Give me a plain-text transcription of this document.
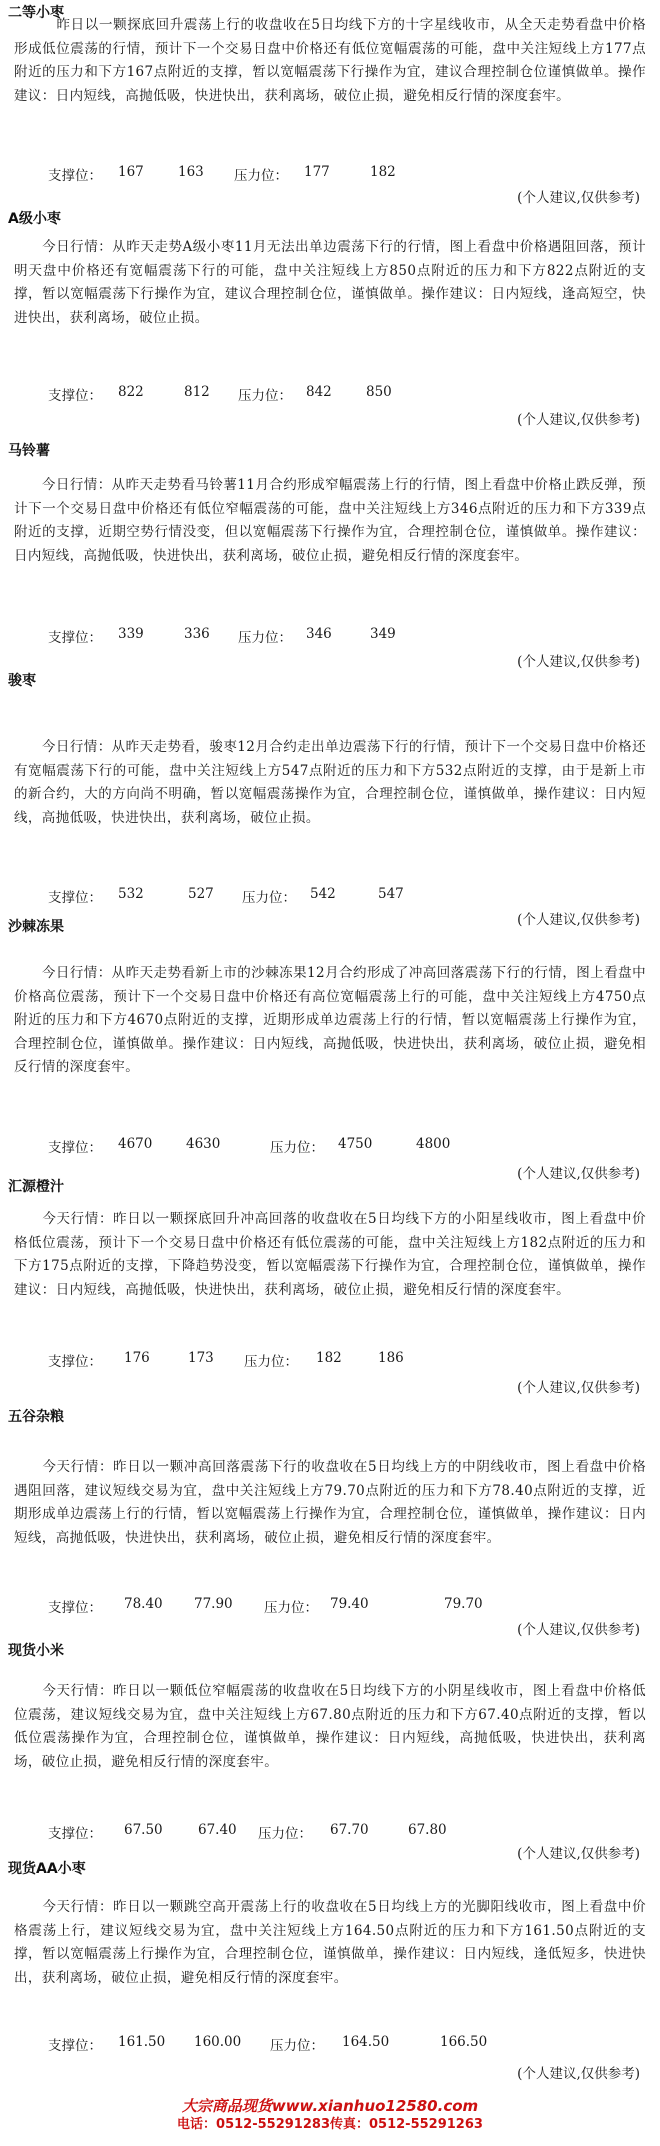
二等小枣
　　　昨日以一颗探底回升震荡上行的收盘收在5日均线下方的十字星线收市，从全天走势看盘中价格形成低位震荡的行情，预计下一个交易日盘中价格还有低位宽幅震荡的可能，盘中关注短线上方177点附近的压力和下方167点附近的支撑，暂以宽幅震荡下行操作为宜，建议合理控制仓位谨慎做单。操作建议：日内短线，高抛低吸，快进快出，获利离场，破位止损，避免相反行情的深度套牢。
支撑位： 167	163 压力位： 177	182
(个人建议,仅供参考)
A级小枣
　　今日行情：从昨天走势A级小枣11月无法出单边震荡下行的行情，图上看盘中价格遇阻回落，预计明天盘中价格还有宽幅震荡下行的可能，盘中关注短线上方850点附近的压力和下方822点附近的支撑，暂以宽幅震荡下行操作为宜，建议合理控制仓位，谨慎做单。操作建议：日内短线，逢高短空，快进快出，获利离场，破位止损。
支撑位： 822	812 压力位： 842	850
(个人建议,仅供参考)
马铃薯
　　今日行情：从昨天走势看马铃薯11月合约形成窄幅震荡上行的行情，图上看盘中价格止跌反弹，预计下一个交易日盘中价格还有低位窄幅震荡的可能，盘中关注短线上方346点附近的压力和下方339点附近的支撑，近期空势行情没变，但以宽幅震荡下行操作为宜，合理控制仓位，谨慎做单。操作建议：日内短线，高抛低吸，快进快出，获利离场，破位止损，避免相反行情的深度套牢。
支撑位： 339	336 压力位： 346	349
(个人建议,仅供参考)
骏枣
　　今日行情：从昨天走势看，骏枣12月合约走出单边震荡下行的行情，预计下一个交易日盘中价格还有宽幅震荡下行的可能，盘中关注短线上方547点附近的压力和下方532点附近的支撑，由于是新上市的新合约，大的方向尚不明确，暂以宽幅震荡操作为宜，合理控制仓位，谨慎做单，操作建议：日内短线，高抛低吸，快进快出，获利离场，破位止损。
支撑位： 532	527 压力位： 542	547
(个人建议,仅供参考)
沙棘冻果
　　今日行情：从昨天走势看新上市的沙棘冻果12月合约形成了冲高回落震荡下行的行情，图上看盘中价格高位震荡，预计下一个交易日盘中价格还有高位宽幅震荡上行的可能，盘中关注短线上方4750点附近的压力和下方4670点附近的支撑，近期形成单边震荡上行的行情，暂以宽幅震荡上行操作为宜，合理控制仓位，谨慎做单。操作建议：日内短线，高抛低吸，快进快出，获利离场，破位止损，避免相反行情的深度套牢。
支撑位： 4670 4630	压力位： 4750	4800
(个人建议,仅供参考)
汇源橙汁
　　今天行情：昨日以一颗探底回升冲高回落的收盘收在5日均线下方的小阳星线收市，图上看盘中价格低位震荡，预计下一个交易日盘中价格还有低位震荡的可能，盘中关注短线上方182点附近的压力和下方175点附近的支撑，下降趋势没变，暂以宽幅震荡下行操作为宜，合理控制仓位，谨慎做单，操作建议：日内短线，高抛低吸，快进快出，获利离场，破位止损，避免相反行情的深度套牢。
支撑位： 176	173 压力位： 182	186
(个人建议,仅供参考)
五谷杂粮
　　今天行情：昨日以一颗冲高回落震荡下行的收盘收在5日均线上方的中阴线收市，图上看盘中价格遇阻回落，建议短线交易为宜，盘中关注短线上方79.70点附近的压力和下方78.40点附近的支撑，近期形成单边震荡上行的行情，暂以宽幅震荡上行操作为宜，合理控制仓位，谨慎做单，操作建议：日内短线，高抛低吸，快进快出，获利离场，破位止损，避免相反行情的深度套牢。
支撑位： 78.40 77.90 压力位： 79.40	79.70
(个人建议,仅供参考)
现货小米
　　今天行情：昨日以一颗低位窄幅震荡的收盘收在5日均线下方的小阴星线收市，图上看盘中价格低位震荡，建议短线交易为宜，盘中关注短线上方67.80点附近的压力和下方67.40点附近的支撑，暂以低位震荡操作为宜，合理控制仓位，谨慎做单，操作建议：日内短线，高抛低吸，快进快出，获利离场，破位止损，避免相反行情的深度套牢。
支撑位： 67.50	67.40 压力位： 67.70	67.80
(个人建议,仅供参考)
现货AA小枣
　　今天行情：昨日以一颗跳空高开震荡上行的收盘收在5日均线上方的光脚阳线收市，图上看盘中价格震荡上行，建议短线交易为宜，盘中关注短线上方164.50点附近的压力和下方161.50点附近的支撑，暂以宽幅震荡上行操作为宜，合理控制仓位，谨慎做单，操作建议：日内短线，逢低短多，快进快出，获利离场，破位止损，避免相反行情的深度套牢。
支撑位： 161.50 160.00 压力位： 164.50	166.50
(个人建议,仅供参考)
大宗商品现货www.xianhuo12580.com
电话：0512-55291283传真：0512-55291263
